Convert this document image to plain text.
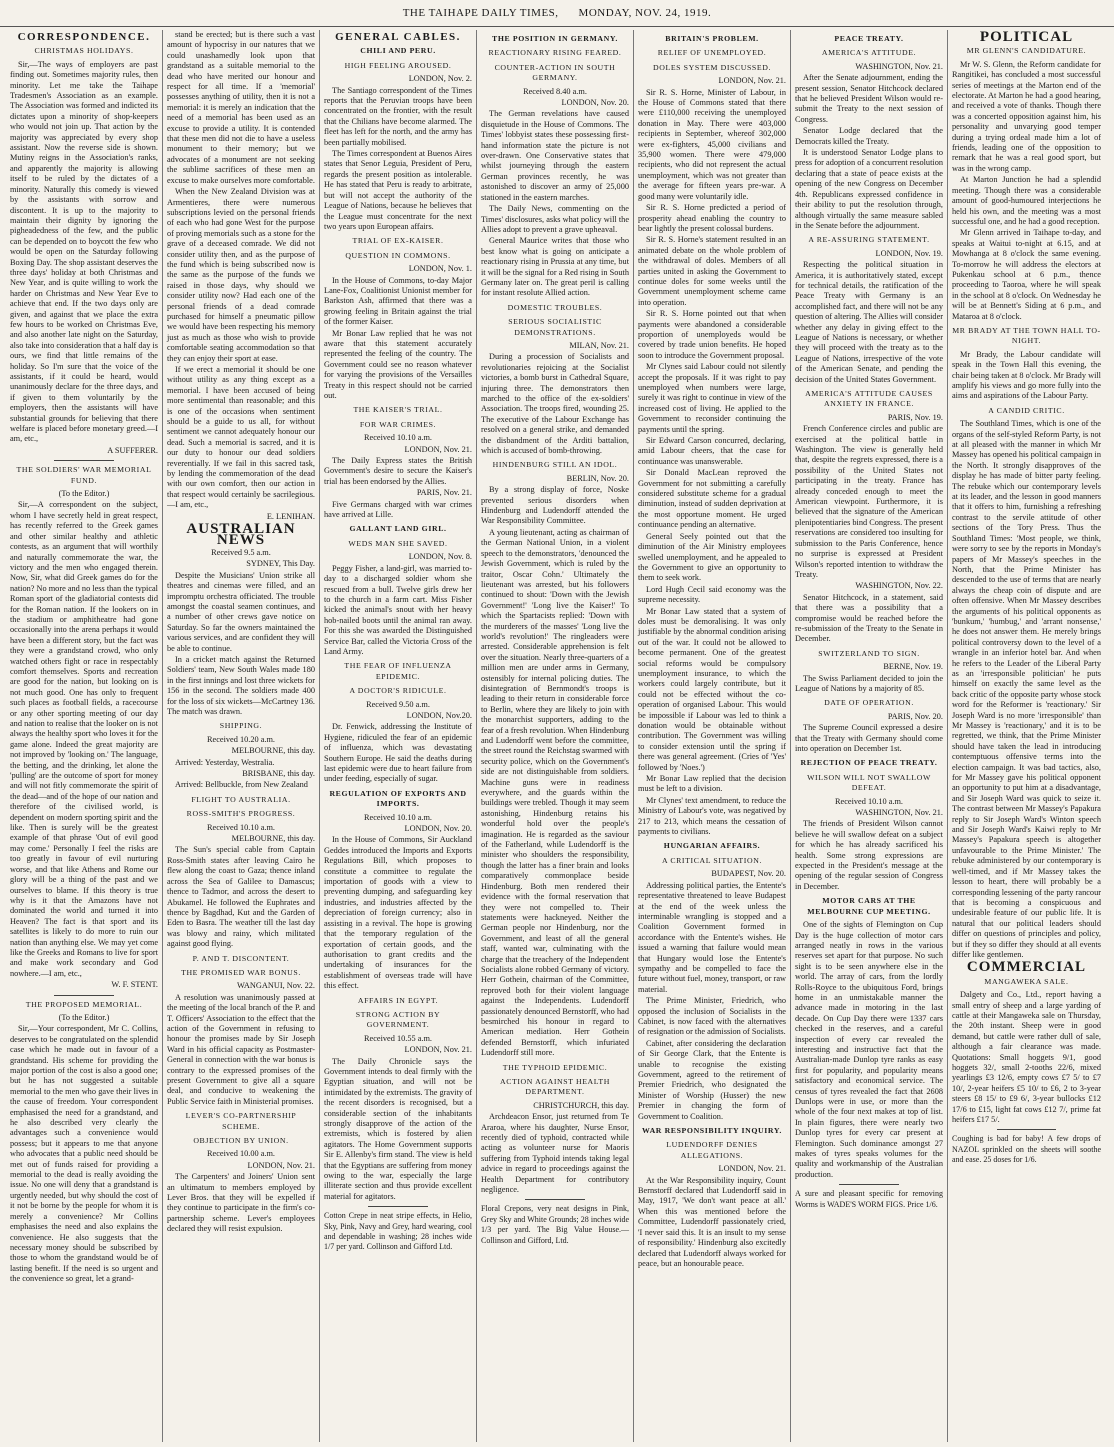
THE TAIHAPE DAILY TIMES, MONDAY, NOV. 24, 1919.
CORRESPONDENCE.
CHRISTMAS HOLIDAYS.

Sir,—The ways of employers are past finding out. Sometimes majority rules, then minority. Let me take the Taihape Tradesmen's Association as an example. The Association was formed and indicted its dictates upon a minority of shop-keepers who would not join up. That action by the majority was appreciated by every shop assistant. Now the reverse side is shown. Mutiny reigns in the Association's ranks, and apparently the majority is allowing itself to be ruled by the dictates of a minority. Naturally this comedy is viewed by the assistants with sorrow and discontent. It is up to the majority to maintain their dignity by ignoring the pigheadedness of the few, and the public can be depended on to boycott the few who would be open on the Saturday following Boxing Day. The shop assistant deserves the three days' holiday at both Christmas and New Year, and is quite willing to work the harder on Christmas and New Year Eve to achieve that end. If the two days only are given, and against that we place the extra few hours to be worked on Christmas Eve, and also another late night on the Saturday, also take into consideration that a half day is ours, we find that little remains of the holiday. So I'm sure that the voice of the assistants, if it could be heard, would unanimously declare for the three days, and if given to them voluntarily by the employers, then the assistants will have substantial grounds for believing that there welfare is placed before monetary greed.—I am, etc.,

A SUFFERER.

THE SOLDIERS' WAR MEMORIAL FUND.

(To the Editor.)

Sir,—A correspondent on the subject, whom I have secretly held in great respect, has recently referred to the Greek games and other similar healthy and athletic contests, as an argument that will worthily and naturally commemorate the war, the victory and the men who engaged therein. Now, Sir, what did Greek games do for the nation? No more and no less than the typical Roman sport of the gladiatorial contests did for the Roman nation. If the lookers on in the stadium or amphitheatre had gone occasionally into the arena perhaps it would have been a different story, but the fact was they were a grandstand crowd, who only watched others fight or race in respectably comfort themselves. Sports and recreation are good for the nation, but looking on is not much good. One has only to frequent such places as football fields, a racecourse or any other sporting meeting of our day and nation to realise that the looker on is not always the healthy sport who loves it for the game alone. Indeed the great majority are not improved by 'looking on.' The language, the betting, and the drinking, let alone the 'pulling' are the outcome of sport for money and will not fitly commemorate the spirit of the dead—and of the hope of our nation and therefore of the civilised world, is dependent on modern sporting spirit and the like. Then is surely will be the greatest example of that phrase 'Out of evil good may come.' Personally I feel the risks are too greatly in favour of evil nurturing worse, and that like Athens and Rome our glory will be a thing of the past and we ourselves to blame. If this theory is true why is it that the Amazons have not dominated the world and turned it into Heaven? The fact is that sport and its satellites is likely to do more to ruin our nation than anything else. We may yet come like the Greeks and Romans to live for sport and make work secondary and God nowhere.—I am, etc.,

W. F. STENT.

THE PROPOSED MEMORIAL.

(To the Editor.)

Sir,—Your correspondent, Mr C. Collins, deserves to be congratulated on the splendid case which he made out in favour of a grandstand. His scheme for providing the major portion of the cost is also a good one; but he has not suggested a suitable memorial to the men who gave their lives in the cause of freedom. Your correspondent emphasised the need for a grandstand, and he also described very clearly the advantages such a convenience would possess; but it appears to me that anyone who advocates that a public need should be met out of funds raised for providing a memorial to the dead is really avoiding the issue. No one will deny that a grandstand is urgently needed, but why should the cost of it not be borne by the people for whom it is merely a convenience? Mr Collins emphasises the need and also explains the convenience. He also suggests that the necessary money should be subscribed by those to whom the grandstand would be of lasting benefit. If the need is so urgent and the convenience so great, let a grand-

stand be erected; but is there such a vast amount of hypocrisy in our natures that we could unashamedly look upon that grandstand as a suitable memorial to the dead who have merited our honour and respect for all time. If a 'memorial' possesses anything of utility, then it is not a memorial: it is merely an indication that the need of a memorial has been used as an excuse to provide a utility. It is contended that these men did not die to have a useless monument to their memory; but we advocates of a monument are not seeking the sublime sacrifices of these men an excuse to make ourselves more comfortable.

When the New Zealand Division was at Armentieres, there were numerous subscriptions levied on the personal friends of each who had gone West for the purpose of proving memorials such as a stone for the grave of a deceased comrade. We did not consider utility then, and as the purpose of the fund which is being subscribed now is the same as the purpose of the funds we raised in those days, why should we consider utility now? Had each one of the personal friends of a dead comrade purchased for himself a pneumatic pillow we would have been respecting his memory just as much as those who wish to provide comfortable seating accommodation so that they can enjoy their sport at ease.

If we erect a memorial it should be one without utility as any thing except as a memorial. I have been accused of being more sentimental than reasonable; and this is one of the occasions when sentiment should be a guide to us all, for without sentiment we cannot adequately honour our dead. Such a memorial is sacred, and it is our duty to honour our dead soldiers reverentially. If we fail in this sacred task, by lending the commemoration of the dead with our own comfort, then our action in that respect would certainly be sacrilegious.—I am, etc.,

E. LENIHAN.

AUSTRALIAN NEWS

Received 9.5 a.m.

SYDNEY, This Day.

Despite the Musicians' Union strike all theatres and cinemas were filled, and an impromptu orchestra officiated. The trouble amongst the coastal seamen continues, and a number of other crews gave notice on Saturday. So far the owners maintained the various services, and are confident they will be able to continue.

In a cricket match against the Returned Soldiers' team, New South Wales made 180 in the first innings and lost three wickets for 156 in the second. The soldiers made 400 for the loss of six wickets—McCartney 136. The match was drawn.

SHIPPING.

Received 10.20 a.m.

MELBOURNE, this day.

Arrived: Yesterday, Westralia.

BRISBANE, this day.

Arrived: Bellbuckle, from New Zealand

FLIGHT TO AUSTRALIA.
ROSS-SMITH'S PROGRESS.

Received 10.10 a.m.

MELBOURNE, this day.

The Sun's special cable from Captain Ross-Smith states after leaving Cairo he flew along the coast to Gaza; thence inland across the Sea of Galilee to Damascus; thence to Tadmor, and across the desert to Abukamel. He followed the Euphrates and thence by Bagdhad, Kut and the Garden of Eden to Basra. The weather till the last day was blowy and rainy, which militated against good flying.

P. AND T. DISCONTENT.
THE PROMISED WAR BONUS.

WANGANUI, Nov. 22.

A resolution was unanimously passed at the meeting of the local branch of the P. and T. Officers' Association to the effect that the action of the Government in refusing to honour the promises made by Sir Joseph Ward in his official capacity as Postmaster-General in connection with the war bonus is contrary to the expressed promises of the present Government to give all a square deal, and conducive to weakening the Public Service faith in Ministerial promises.

LEVER'S CO-PARTNERSHIP SCHEME.
OBJECTION BY UNION.

Received 10.00 a.m.

LONDON, Nov. 21.

The Carpenters' and Joiners' Union sent an ultimatum to members employed by Lever Bros. that they will be expelled if they continue to participate in the firm's co-partnership scheme. Lever's employees declared they will resist expulsion.

GENERAL CABLES.
CHILI AND PERU.
HIGH FEELING AROUSED.

LONDON, Nov. 2.

The Santiago correspondent of the Times reports that the Peruvian troops have been concentrated on the frontier, with the result that the Chilians have become alarmed. The fleet has left for the north, and the army has been partially mobilised.

The Times correspondent at Buenos Aires states that Senor Leguia, President of Peru, regards the present position as intolerable. He has stated that Peru is ready to arbitrate, but will not accept the authority of the League of Nations, because he believes that the League must concentrate for the next two years upon European affairs.

TRIAL OF EX-KAISER.
QUESTION IN COMMONS.

LONDON, Nov. 1.

In the House of Commons, to-day Major Lane-Fox, Coalitionist Unionist member for Barkston Ash, affirmed that there was a growing feeling in Britain against the trial of the former Kaiser.

Mr Bonar Law replied that he was not aware that this statement accurately represented the feeling of the country. The Government could see no reason whatever for varying the provisions of the Versailles Treaty in this respect should not be carried out.

THE KAISER'S TRIAL.
FOR WAR CRIMES.

Received 10.10 a.m.

LONDON, Nov. 21.

The Daily Express states the British Government's desire to secure the Kaiser's trial has been endorsed by the Allies.

PARIS, Nov. 21.

Five Germans charged with war crimes have arrived at Lille.

GALLANT LAND GIRL.
WEDS MAN SHE SAVED.

LONDON, Nov. 8.

Peggy Fisher, a land-girl, was married to-day to a discharged soldier whom she rescued from a bull. Twelve girls drew her to the church in a farm cart. Miss Fisher kicked the animal's snout with her heavy hob-nailed boots until the animal ran away. For this she was awarded the Distinguished Service Bar, called the Victoria Cross of the Land Army.

THE FEAR OF INFLUENZA EPIDEMIC.
A DOCTOR'S RIDICULE.

Received 9.50 a.m.

LONDON, Nov.20.

Dr. Fenwick, addressing the Institute of Hygiene, ridiculed the fear of an epidemic of influenza, which was devastating Southern Europe. He said the deaths during last epidemic were due to heart failure from under feeding, especially of sugar.

REGULATION OF EXPORTS AND IMPORTS.

Received 10.10 a.m.

LONDON, Nov. 20.

In the House of Commons, Sir Auckland Geddes introduced the Imports and Exports Regulations Bill, which proposes to constitute a committee to regulate the importation of goods with a view to preventing dumping, and safeguarding key industries, and industries affected by the depreciation of foreign currency; also in assisting in a revival. The hope is growing that the temporary regulation of the exportation of certain goods, and the authorisation to grant credits and the undertaking of insurances for the establishment of overseas trade will have this effect.

AFFAIRS IN EGYPT.
STRONG ACTION BY GOVERNMENT.

Received 10.55 a.m.

LONDON, Nov. 21.

The Daily Chronicle says the Government intends to deal firmly with the Egyptian situation, and will not be intimidated by the extremists. The gravity of the recent disorders is recognised, but a considerable section of the inhabitants strongly disapprove of the action of the extremists, which is fostered by alien agitators. The Home Government supports Sir E. Allenby's firm stand. The view is held that the Egyptians are suffering from money owing to the war, especially the large illiterate section and thus provide excellent material for agitators.

Cotton Crepe in neat stripe effects, in Helio, Sky, Pink, Navy and Grey, hard wearing, cool and dependable in washing; 28 inches wide 1/7 per yard. Collinson and Gifford Ltd.

THE POSITION IN GERMANY.
REACTIONARY RISING FEARED.
COUNTER-ACTION IN SOUTH GERMANY.

Received 8.40 a.m.

LONDON, Nov. 20.

The German revelations have caused disquietude in the House of Commons. The Times' lobbyist states these possessing first-hand information state the picture is not over-drawn. One Conservative states that whilst journeying through the eastern German provinces recently, he was astonished to discover an army of 25,000 stationed in the eastern marches.

The Daily News, commenting on the Times' disclosures, asks what policy will the Allies adopt to prevent a grave upheaval.

General Maurice writes that those who best know what is going on anticipate a reactionary rising in Prussia at any time, but it will be the signal for a Red rising in South Germany later on. The great peril is calling for instant resolute Allied action.

DOMESTIC TROUBLES.
SERIOUS SOCIALISTIC DEMONSTRATIONS.

MILAN, Nov. 21.

During a procession of Socialists and revolutionaries rejoicing at the Socialist victories, a bomb burst in Cathedral Square, injuring three. The demonstrators then marched to the office of the ex-soldiers' Association. The troops fired, wounding 25. The executive of the Labour Exchange has resolved on a general strike, and demanded the disbandment of the Arditi battalion, which is accused of bomb-throwing.

HINDENBURG STILL AN IDOL.

BERLIN, Nov. 20.

By a strong display of force, Noske prevented serious disorders when Hindenburg and Ludendorff attended the War Responsibility Committee.

A young lieutenant, acting as chairman of the German National Union, in a violent speech to the demonstrators, 'denounced the Jewish Government, which is ruled by the traitor, Oscar Cohn.' Ultimately the lieutenant was arrested, but his followers continued to shout: 'Down with the Jewish Government!' 'Long live the Kaiser!' To which the Spartacists replied: 'Down with the murderers of the masses' 'Long live the world's revolution!' The ringleaders were arrested. Considerable apprehension is felt over the situation. Nearly three-quarters of a million men are under arms in Germany, ostensibly for internal policing duties. The disintegration of Bernmondt's troops is leading to their return in considerable force to Berlin, where they are likely to join with the monarchist supporters, adding to the fear of a fresh revolution. When Hindenburg and Ludendorff went before the committee, the street round the Reichstag swarmed with security police, which on the Government's side are not distinguishable from soldiers. Machine guns were in readiness everywhere, and the guards within the buildings were trebled. Though it may seem astonishing, Hindenburg retains his wonderful hold over the people's imagination. He is regarded as the saviour of the Fatherland, while Ludendorff is the minister who shoulders the responsibility, though the latter has a finer brain and looks comparatively commonplace beside Hindenburg. Both men rendered their evidence with the formal reservation that they were not compelled to. Their statements were hackneyed. Neither the German people nor Hindenburg, nor the Government, and least of all the general staff, wanted war, culminating with the charge that the treachery of the Independent Socialists alone robbed Germany of victory. Herr Gothein, chairman of the Committee, reproved both for their violent language against the Independents. Ludendorff passionately denounced Bernstorff, who had besmirched his honour in regard to American mediation. Herr Gothein defended Bernstorff, which infuriated Ludendorff still more.

THE TYPHOID EPIDEMIC.
ACTION AGAINST HEALTH DEPARTMENT.

CHRISTCHURCH, this day.

Archdeacon Ensor, just returned from Te Araroa, where his daughter, Nurse Ensor, recently died of typhoid, contracted while acting as volunteer nurse for Maoris suffering from Typhoid intends taking legal advice in regard to proceedings against the Health Department for contributory negligence.

Floral Crepons, very neat designs in Pink, Grey Sky and White Grounds; 28 inches wide 1/3 per yard. The Big Value House.— Collinson and Gifford, Ltd.

BRITAIN'S PROBLEM.
RELIEF OF UNEMPLOYED.
DOLES SYSTEM DISCUSSED.

LONDON, Nov. 21.

Sir R. S. Horne, Minister of Labour, in the House of Commons stated that there were £110,000 receiving the unemployed donation in May. There were 403,000 recipients in September, whereof 302,000 were ex-fighters, 45,000 civilians and 35,900 women. There were 479,000 recipients, who did not represent the actual unemployment, which was not greater than the average for fifteen years pre-war. A good many were voluntarily idle.

Sir R. S. Horne predicted a period of prosperity ahead enabling the country to bear lightly the present colossal burdens.

Sir R. S. Horne's statement resulted in an animated debate on the whole problem of the withdrawal of doles. Members of all parties united in asking the Government to continue doles for some weeks until the Government unemployment scheme came into operation.

Sir R. S. Horne pointed out that when payments were abandoned a considerable proportion of unemployeds would be covered by trade union benefits. He hoped soon to introduce the Government proposal.

Mr Clynes said Labour could not silently accept the proposals. If it was right to pay unemployed when numbers were large, surely it was right to continue in view of the increased cost of living. He applied to the Government to reconsider continuing the payments until the spring.

Sir Edward Carson concurred, declaring, amid Labour cheers, that the case for continuance was unanswerable.

Sir Donald MacLean reproved the Government for not submitting a carefully considered substitute scheme for a gradual diminution, instead of sudden deprivation at the most opportune moment. He urged continuance pending an alternative.

General Seely pointed out that the diminution of the Air Ministry employees swelled unemployment, and he appealed to the Government to give an opportunity to them to seek work.

Lord Hugh Cecil said economy was the supreme necessity.

Mr Bonar Law stated that a system of doles must be demoralising. It was only justifiable by the abnormal condition arising out of the war. It could not be allowed to become permanent. One of the greatest social reforms would be compulsory unemployment insurance, to which the workers could largely contribute, but it could not be effected without the co-operation of organised Labour. This would be impossible if Labour was led to think a donation would be obtainable without contribution. The Government was willing to consider extension until the spring if there was general agreement. (Cries of 'Yes' followed by 'Noes.')

Mr Bonar Law replied that the decision must be left to a division.

Mr Clynes' text amendment, to reduce the Ministry of Labour's vote, was negatived by 217 to 213, which means the cessation of payments to civilians.

HUNGARIAN AFFAIRS.
A CRITICAL SITUATION.

BUDAPEST, Nov. 20.

Addressing political parties, the Entente's representative threatened to leave Budapest at the end of the week unless the interminable wrangling is stopped and a Coalition Government formed in accordance with the Entente's wishes. He issued a warning that failure would mean that Hungary would lose the Entente's sympathy and be compelled to face the future without fuel, money, transport, or raw material.

The Prime Minister, Friedrich, who opposed the inclusion of Socialists in the Cabinet, is now faced with the alternatives of resignation or the admission of Socialists.

Cabinet, after considering the declaration of Sir George Clark, that the Entente is unable to recognise the existing Government, agreed to the retirement of Premier Friedrich, who designated the Minister of Worship (Husser) the new Premier in changing the form of Government to Coalition.

WAR RESPONSIBILITY INQUIRY.
LUDENDORFF DENIES ALLEGATIONS.

LONDON, Nov. 21.

At the War Responsibility inquiry, Count Bernstorff declared that Ludendorff said in May, 1917, 'We don't want peace at all.' When this was mentioned before the Committee, Ludendorff passionately cried, 'I never said this. It is an insult to my sense of responsibility.' Hindenburg also excitedly declared that Ludendorff always worked for peace, but an honourable peace.

PEACE TREATY.
AMERICA'S ATTITUDE.

WASHINGTON, Nov. 21.

After the Senate adjournment, ending the present session, Senator Hitchcock declared that he believed President Wilson would re-submit the Treaty to the next session of Congress.

Senator Lodge declared that the Democrats killed the Treaty.

It is understood Senator Lodge plans to press for adoption of a concurrent resolution declaring that a state of peace exists at the opening of the new Congress on December 4th. Republicans expressed confidence in their ability to put the resolution through, although virtually the same measure sabled in the Senate before the adjournment.

A RE-ASSURING STATEMENT.

LONDON, Nov. 19.

Respecting the political situation in America, it is authoritatively stated, except for technical details, the ratification of the Peace Treaty with Germany is an accomplished fact, and there will not be any question of altering. The Allies will consider whether any delay in giving effect to the League of Nations is necessary, or whether they will proceed with the treaty as to the League of Nations, irrespective of the vote of the American Senate, and pending the decision of the United States Government.

AMERICA'S ATTITUDE CAUSES ANXIETY IN FRANCE.

PARIS, Nov. 19.

French Conference circles and public are exercised at the political battle in Washington. The view is generally held that, despite the regrets expressed, there is a possibility of the United States not participating in the treaty. France has already conceded enough to meet the American viewpoint. Furthermore, it is believed that the signature of the American plenipotentiaries bind Congress. The present reservations are considered too insulting for submission to the Paris Conference, hence no surprise is expressed at President Wilson's reported intention to withdraw the Treaty.

WASHINGTON, Nov. 22.

Senator Hitchcock, in a statement, said that there was a possibility that a compromise would be reached before the re-submission of the Treaty to the Senate in December.

SWITZERLAND TO SIGN.

BERNE, Nov. 19.

The Swiss Parliament decided to join the League of Nations by a majority of 85.

DATE OF OPERATION.

PARIS, Nov. 20.

The Supreme Council expressed a desire that the Treaty with Germany should come into operation on December 1st.

REJECTION OF PEACE TREATY.
WILSON WILL NOT SWALLOW DEFEAT.

Received 10.10 a.m.

WASHINGTON, Nov. 21.

The friends of President Wilson cannot believe he will swallow defeat on a subject for which he has already sacrificed his health. Some strong expressions are expected in the President's message at the opening of the regular session of Congress in December.

MOTOR CARS AT THE MELBOURNE CUP MEETING.

One of the sights of Flemington on Cup Day is the huge collection of motor cars arranged neatly in rows in the various reserves set apart for that purpose. No such sight is to be seen anywhere else in the world. The array of cars, from the lordly Rolls-Royce to the ubiquitous Ford, brings home in an unmistakable manner the advance made in motoring in the last decade. On Cup Day there were 1337 cars checked in the reserves, and a careful inspection of every car revealed the interesting and instructive fact that the Australian-made Dunlop tyre ranks as easy first for popularity, and popularity means satisfactory and economical service. The census of tyres revealed the fact that 2608 Dunlops were in use, or more than the whole of the four next makes at top of list. In plain figures, there were nearly two Dunlop tyres for every car present at Flemington. Such dominance amongst 27 makes of tyres speaks volumes for the quality and workmanship of the Australian production.

A sure and pleasant specific for removing Worms is WADE'S WORM FIGS. Price 1/6.

POLITICAL
MR GLENN'S CANDIDATURE.

Mr W. S. Glenn, the Reform candidate for Rangitikei, has concluded a most successful series of meetings at the Marton end of the electorate. At Marton he had a good hearing, and received a vote of thanks. Though there was a concerted opposition against him, his personality and unvarying good temper during a trying ordeal made him a lot of friends, leading one of the opposition to remark that he was a real good sport, but was in the wrong camp.

At Marton Junction he had a splendid meeting. Though there was a considerable amount of good-humoured interjections he held his own, and the meeting was a most successful one, and he had a good reception.

Mr Glenn arrived in Taihape to-day, and speaks at Waitui to-night at 6.15, and at Mowhanga at 8 o'clock the same evening. To-morrow he will address the electors at Pukenkau school at 6 p.m., thence proceeding to Taoroa, where he will speak in the school at 8 o'clock. On Wednesday he will be at Bennett's Siding at 6 p.m., and Mataroa at 8 o'clock.

MR BRADY AT THE TOWN HALL TO-NIGHT.

Mr Brady, the Labour candidate will speak in the Town Hall this evening, the chair being taken at 8 o'clock. Mr Brady will amplify his views and go more fully into the aims and aspirations of the Labour Party.

A CANDID CRITIC.

The Southland Times, which is one of the organs of the self-styled Reform Party, is not at all pleased with the manner in which Mr Massey has opened his political campaign in the North. It strongly disapproves of the display he has made of bitter party feeling. The rebuke which our contemporary levels at its leader, and the lesson in good manners that it offers to him, furnishing a refreshing contrast to the servile attitude of other sections of the Tory Press. Thus the Southland Times: 'Most people, we think, were sorry to see by the reports in Monday's papers of Mr Massey's speeches in the North, that the Prime Minister has descended to the use of terms that are nearly always the cheap coin of dispute and are often offensive. When Mr Massey describes the arguments of his political opponents as 'bunkum,' 'humbug,' and 'arrant nonsense,' he does not answer them. He merely brings political controversy down to the level of a wrangle in an inferior hotel bar. And when he refers to the Leader of the Liberal Party as an 'irresponsible politician' he puts himself on exactly the same level as the back critic of the opposite party whose stock word for the Reformer is 'reactionary.' Sir Joseph Ward is no more 'irresponsible' than Mr Massey is 'reactionary,' and it is to be regretted, we think, that the Prime Minister should have taken the lead in introducing contemptuous offensive terms into the election campaign. It was bad tactics, also, for Mr Massey gave his political opponent an opportunity to put him at a disadvantage, and Sir Joseph Ward was quick to seize it. The contrast between Mr Massey's Papakura reply to Sir Joseph Ward's Winton speech and Sir Joseph Ward's Kaiwi reply to Mr Massey's Papakura speech is altogether unfavourable to the Prime Minister.' The rebuke administered by our contemporary is well-timed, and if Mr Massey takes the lesson to heart, there will probably be a corresponding lessening of the party rancour that is becoming a conspicuous and undesirable feature of our public life. It is natural that our political leaders should differ on questions of principles and policy, but if they so differ they should at all events differ like gentlemen.

COMMERCIAL
MANGAWEKA SALE.

Dalgety and Co., Ltd., report having a small entry of sheep and a large yarding of cattle at their Mangaweka sale on Thursday, the 20th instant. Sheep were in good demand, but cattle were rather dull of sale, although a fair clearance was made. Quotations: Small hoggets 9/1, good hoggets 32/, small 2-tooths 22/6, mixed yearlings £3 12/6, empty cows £7 5/ to £7 10/, 2-year heifers £5 10/ to £6, 2 to 3-year steers £8 15/ to £9 6/, 3-year bullocks £12 17/6 to £15, light fat cows £12 7/, prime fat heifers £17 5/.

Coughing is bad for baby! A few drops of NAZOL sprinkled on the sheets will soothe and ease. 25 doses for 1/6.
